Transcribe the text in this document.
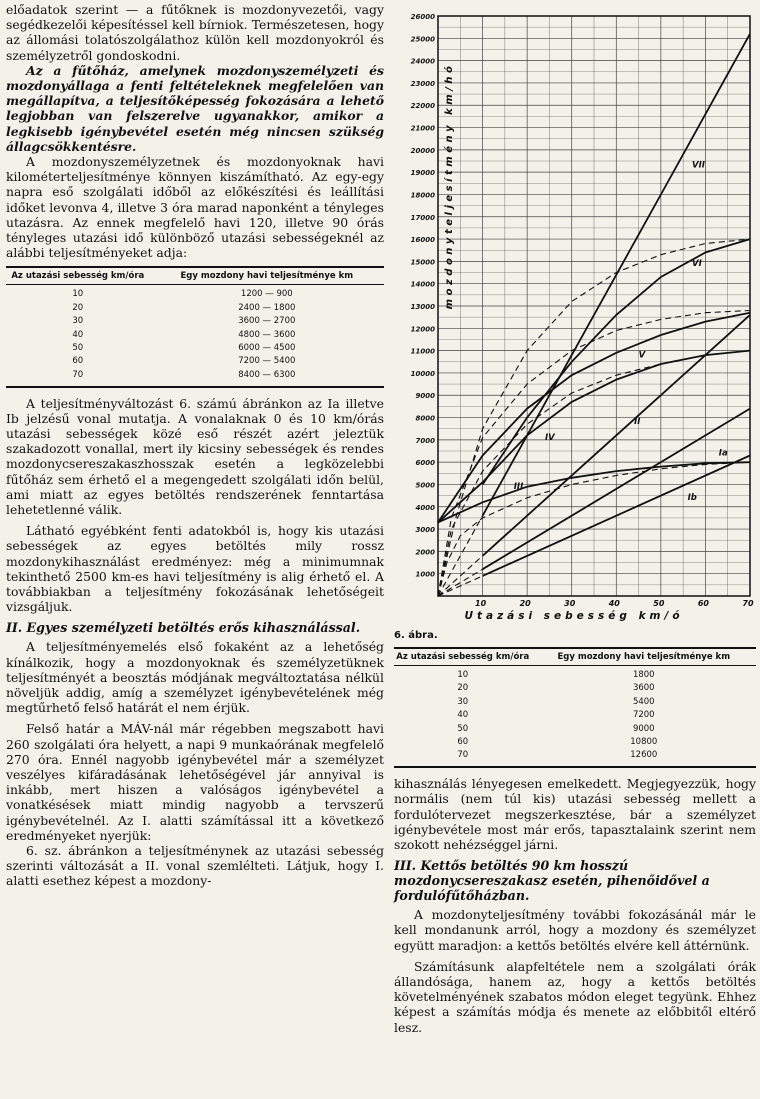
előadatok szerint — a fűtőknek is mozdonyvezetői, vagy segédkezelői képesítéssel kell bírniok. Természetesen, hogy az állomási tolatószolgálathoz külön kell mozdonyokról és személyzetről gondoskodni.

Az a fűtőház, amelynek mozdonyszemélyzeti és mozdonyállaga a fenti feltételeknek megfelelően van megállapítva, a teljesítőképesség fokozására a lehető legjobban van felszerelve ugyanakkor, amikor a legkisebb igénybevétel esetén még nincsen szükség állagcsökkentésre.

A mozdonyszemélyzetnek és mozdonyoknak havi kilométerteljesítménye könnyen kiszámítható. Az egy-egy napra eső szolgálati időből az előkészítési és leállítási időket levonva 4, illetve 3 óra marad naponként a tényleges utazásra. Az ennek megfelelő havi 120, illetve 90 órás tényleges utazási idő különböző utazási sebességeknél az alábbi teljesítményeket adja:

Az utazási sebesség km/óra	Egy mozdony havi teljesítménye km
10	1200 — 900
20	2400 — 1800
30	3600 — 2700
40	4800 — 3600
50	6000 — 4500
60	7200 — 5400
70	8400 — 6300

A teljesítményváltozást 6. számú ábránkon az Ia illetve Ib jelzésű vonal mutatja. A vonalaknak 0 és 10 km/órás utazási sebességek közé eső részét azért jeleztük szakadozott vonallal, mert ily kicsiny sebességek és rendes mozdonycsereszakaszhosszak esetén a legközelebbi fűtőház sem érhető el a megengedett szolgálati időn belül, ami miatt az egyes betöltés rendszerének fenntartása lehetetlenné válik.

Látható egyébként fenti adatokból is, hogy kis utazási sebességek az egyes betöltés mily rossz mozdonykihasználást eredményez: még a minimumnak tekinthető 2500 km-es havi teljesítmény is alig érhető el. A továbbiakban a teljesítmény fokozásának lehetőségeit vizsgáljuk.

II. Egyes személyzeti betöltés erős kihasználással.

A teljesítményemelés első fokaként az a lehetőség kínálkozik, hogy a mozdonyoknak és személyzetüknek teljesítményét a beosztás módjának megváltoztatása nélkül növeljük addig, amíg a személyzet igénybevételének még megtűrhető felső határát el nem érjük.

Felső határ a MÁV-nál már régebben megszabott havi 260 szolgálati óra helyett, a napi 9 munkaórának megfelelő 270 óra. Ennél nagyobb igénybevétel már a személyzet veszélyes kifáradásának lehetőségével jár annyival is inkább, mert hiszen a valóságos igénybevétel a vonatkésések miatt mindig nagyobb a tervszerű igénybevételnél. Az I. alatti számítással itt a következő eredményeket nyerjük:

6. sz. ábránkon a teljesítménynek az utazási sebesség szerinti változását a II. vonal szemlélteti. Látjuk, hogy I. alatti esethez képest a mozdony-

1000
2000
3000
4000
5000
6000
7000
8000
9000
10000
11000
12000
13000
14000
15000
16000
17000
18000
19000
20000
21000
22000
23000
24000
25000
26000
10	20	30	40	50	60	70
Utazási sebesség km/ó
mozdonyteljesítmény km/hó
Ia
Ib
II
III
IV
V
VI
VII
6. ábra.
Az utazási sebesség km/óra	Egy mozdony havi teljesítménye km
10	1800
20	3600
30	5400
40	7200
50	9000
60	10800
70	12600

kihasználás lényegesen emelkedett. Megjegyezzük, hogy normális (nem túl kis) utazási sebesség mellett a fordulótervezet megszerkesztése, bár a személyzet igénybevétele most már erős, tapasztalaink szerint nem szokott nehézséggel járni.

III. Kettős betöltés 90 km hosszú mozdonycsereszakasz esetén, pihenőidővel a fordulófűtőházban.

A mozdonyteljesítmény további fokozásánál már le kell mondanunk arról, hogy a mozdony és személyzet együtt maradjon: a kettős betöltés elvére kell áttérnünk.

Számításunk alapfeltétele nem a szolgálati órák állandósága, hanem az, hogy a kettős betöltés követelményének szabatos módon eleget tegyünk. Ehhez képest a számítás módja és menete az előbbitől eltérő lesz.
